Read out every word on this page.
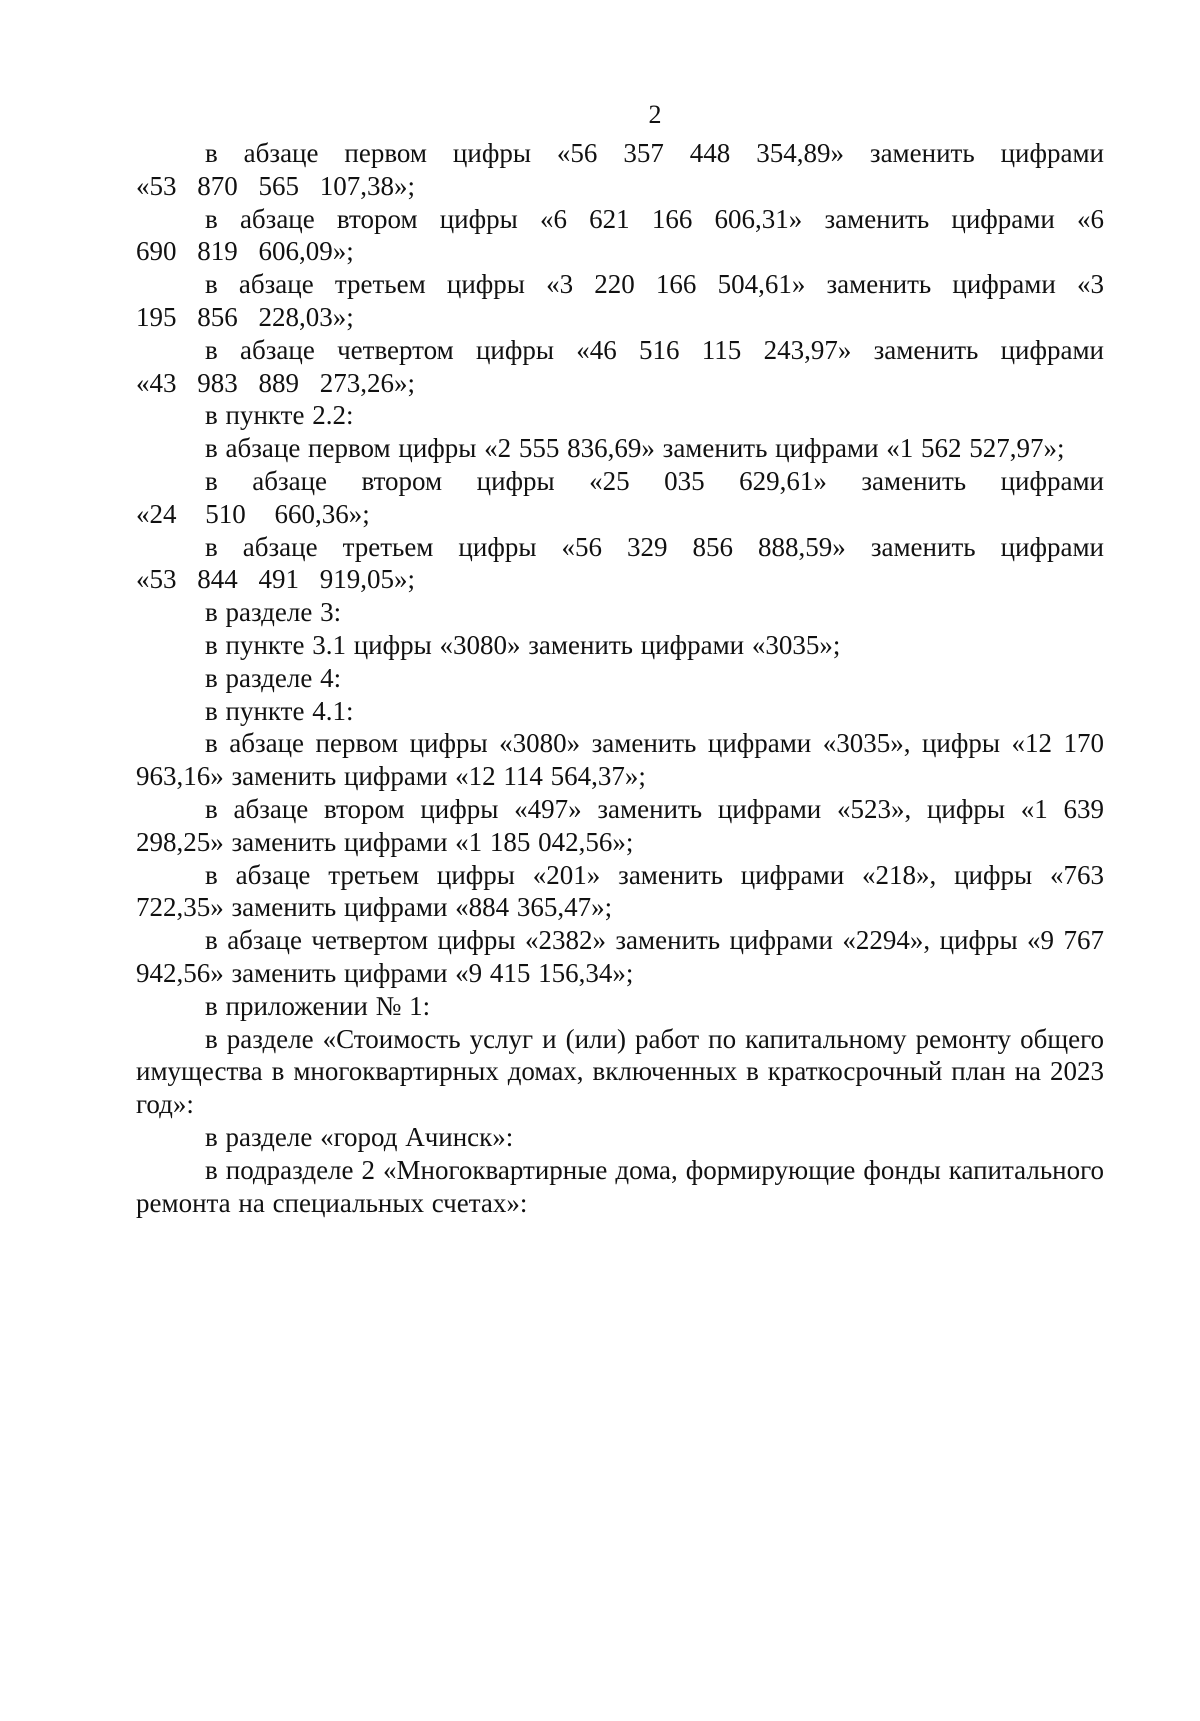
2

в абзаце первом цифры «56 357 448 354,89» заменить цифрами «53 870 565 107,38»;

в абзаце втором цифры «6 621 166 606,31» заменить цифрами «6 690 819 606,09»;

в абзаце третьем цифры «3 220 166 504,61» заменить цифрами «3 195 856 228,03»;

в абзаце четвертом цифры «46 516 115 243,97» заменить цифрами «43 983 889 273,26»;

в пункте 2.2:

в абзаце первом цифры «2 555 836,69» заменить цифрами «1 562 527,97»;

в абзаце втором цифры «25 035 629,61» заменить цифрами «24 510 660,36»;

в абзаце третьем цифры «56 329 856 888,59» заменить цифрами «53 844 491 919,05»;

в разделе 3:

в пункте 3.1 цифры «3080» заменить цифрами «3035»;

в разделе 4:

в пункте 4.1:

в абзаце первом цифры «3080» заменить цифрами «3035», цифры «12 170 963,16» заменить цифрами «12 114 564,37»;

в абзаце втором цифры «497» заменить цифрами «523», цифры «1 639 298,25» заменить цифрами «1 185 042,56»;

в абзаце третьем цифры «201» заменить цифрами «218», цифры «763 722,35» заменить цифрами «884 365,47»;

в абзаце четвертом цифры «2382» заменить цифрами «2294», цифры «9 767 942,56» заменить цифрами «9 415 156,34»;

в приложении № 1:

в разделе «Стоимость услуг и (или) работ по капитальному ремонту общего имущества в многоквартирных домах, включенных в краткосрочный план на 2023 год»:

в разделе «город Ачинск»:

в подразделе 2 «Многоквартирные дома, формирующие фонды капитального ремонта на специальных счетах»:
